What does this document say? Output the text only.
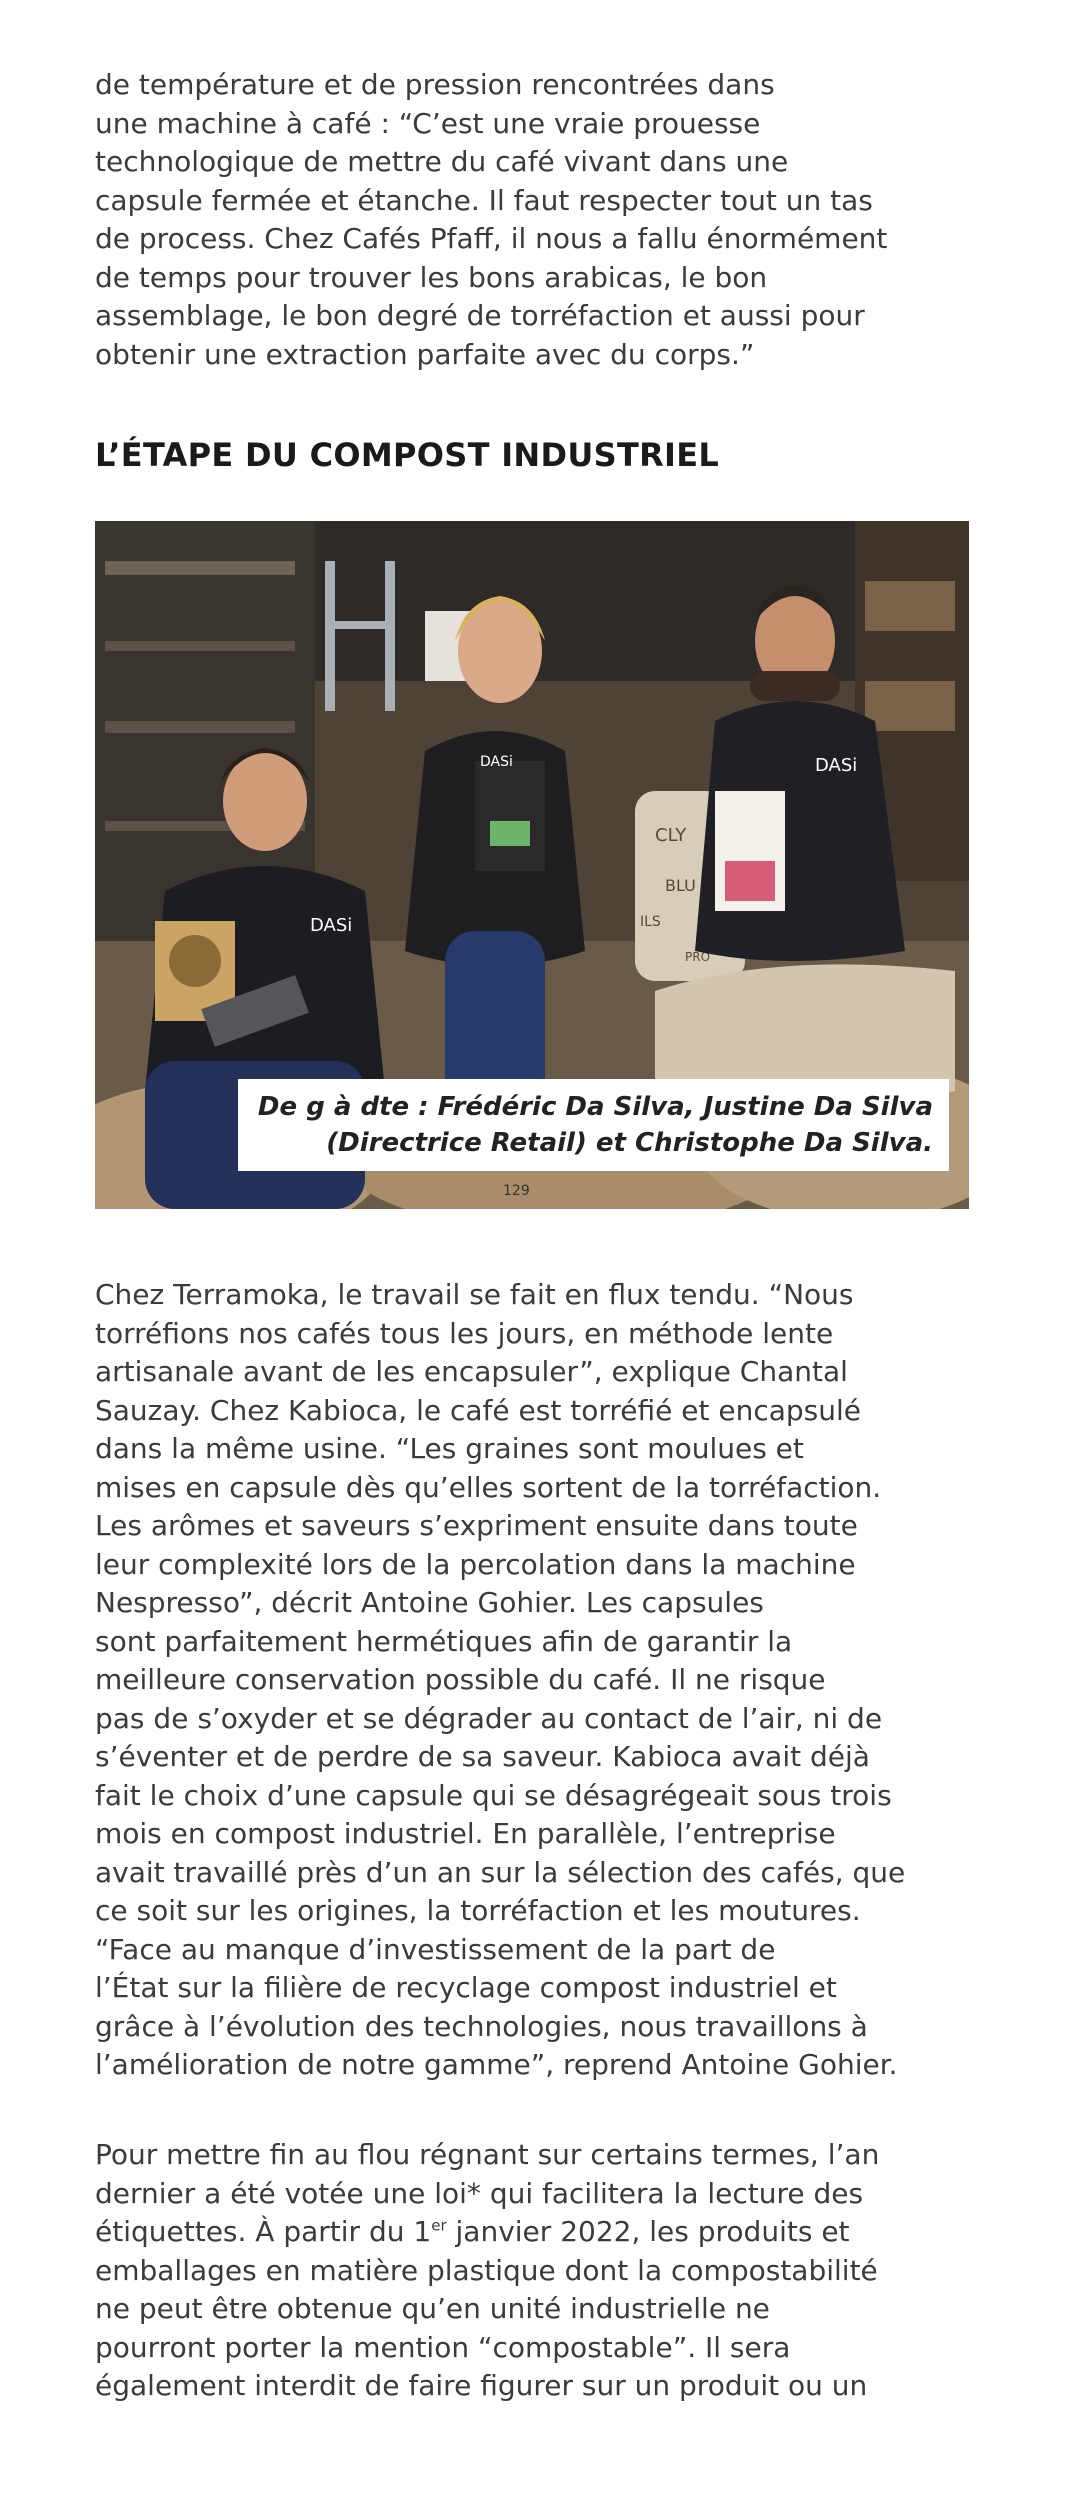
de température et de pression rencontrées dans
une machine à café : “C’est une vraie prouesse
technologique de mettre du café vivant dans une
capsule fermée et étanche. Il faut respecter tout un tas
de process. Chez Cafés Pfaff, il nous a fallu énormément
de temps pour trouver les bons arabicas, le bon
assemblage, le bon degré de torréfaction et aussi pour
obtenir une extraction parfaite avec du corps.”

L’ÉTAPE DU COMPOST INDUSTRIEL
CLY
BLU
ILS
PRO
DASi	DASi
DASi
De g à dte : Frédéric Da Silva, Justine Da Silva
(Directrice Retail) et Christophe Da Silva.
129

Chez Terramoka, le travail se fait en flux tendu. “Nous
torréfions nos cafés tous les jours, en méthode lente
artisanale avant de les encapsuler”, explique Chantal
Sauzay. Chez Kabioca, le café est torréfié et encapsulé
dans la même usine. “Les graines sont moulues et
mises en capsule dès qu’elles sortent de la torréfaction.
Les arômes et saveurs s’expriment ensuite dans toute
leur complexité lors de la percolation dans la machine
Nespresso”, décrit Antoine Gohier. Les capsules
sont parfaitement hermétiques afin de garantir la
meilleure conservation possible du café. Il ne risque
pas de s’oxyder et se dégrader au contact de l’air, ni de
s’éventer et de perdre de sa saveur. Kabioca avait déjà
fait le choix d’une capsule qui se désagrégeait sous trois
mois en compost industriel. En parallèle, l’entreprise
avait travaillé près d’un an sur la sélection des cafés, que
ce soit sur les origines, la torréfaction et les moutures.
“Face au manque d’investissement de la part de
l’État sur la filière de recyclage compost industriel et
grâce à l’évolution des technologies, nous travaillons à
l’amélioration de notre gamme”, reprend Antoine Gohier.

Pour mettre fin au flou régnant sur certains termes, l’an
dernier a été votée une loi* qui facilitera la lecture des
étiquettes. À partir du 1er janvier 2022, les produits et
emballages en matière plastique dont la compostabilité
ne peut être obtenue qu’en unité industrielle ne
pourront porter la mention “compostable”. Il sera
également interdit de faire figurer sur un produit ou un
